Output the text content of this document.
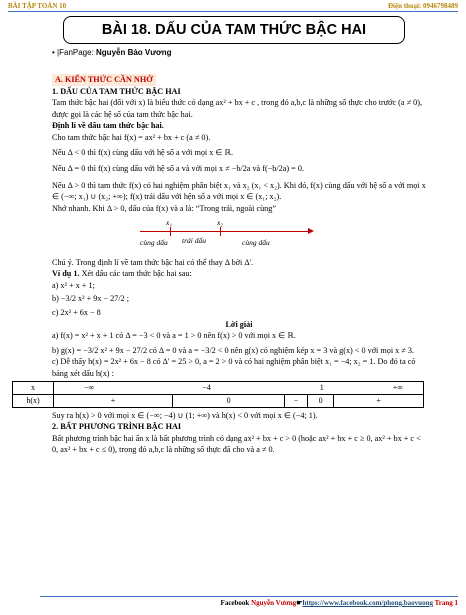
BÀI TẬP TOÁN 10	Điện thoại: 0946798489
BÀI 18. DẤU CỦA TAM THỨC BẬC HAI
• |FanPage: Nguyễn Bảo Vương

A. KIẾN THỨC CẦN NHỚ

1. DẤU CỦA TAM THỨC BẬC HAI

Tam thức bậc hai (đối với x) là biểu thức có dạng ax² + bx + c , trong đó a,b,c là những số thực cho trước (a ≠ 0), được gọi là các hệ số của tam thức bậc hai.

Định lí về dấu tam thức bậc hai.

Cho tam thức bậc hai f(x) = ax² + bx + c (a ≠ 0).

Nếu Δ < 0 thì f(x) cùng dấu với hệ số a với mọi x ∈ ℝ.

Nếu Δ = 0 thì f(x) cùng dấu với hệ số a và với mọi x ≠ −b/2a và f(−b/2a) = 0.

Nếu Δ > 0 thì tam thức f(x) có hai nghiệm phân biệt x₁ và x₂ (x₁ < x₂). Khi đó, f(x) cùng dấu với hệ số a với mọi x ∈ (−∞; x₁) ∪ (x₂; +∞); f(x) trái dấu với hện số a với mọi x ∈ (x₁; x₂).

Nhớ nhanh. Khi Δ > 0, dấu của f(x) và a là: “Trong trái, ngoài cùng”

x₁	x₂
cùng dấu trái dấu	cùng dấu

Chú ý. Trong định lí về tam thức bậc hai có thể thay Δ bởi Δ'.

Ví dụ 1. Xét dấu các tam thức bậc hai sau:

a) x² + x + 1;

b) −3/2 x² + 9x − 27/2 ;

c) 2x² + 6x − 8

Lời giải

a) f(x) = x² + x + 1 có Δ = −3 < 0 và a = 1 > 0 nên f(x) > 0 với mọi x ∈ ℝ.

b) g(x) = −3/2 x² + 9x − 27/2 có Δ = 0 và a = −3/2 < 0 nên g(x) có nghiệm kép x = 3 và g(x) < 0 với mọi x ≠ 3.

c) Dễ thấy h(x) = 2x² + 6x − 8 có Δ' = 25 > 0, a = 2 > 0 và có hai nghiệm phân biệt x₁ = −4; x₂ = 1. Do đó ta có bảng xét dấu h(x) :

x	−∞	−4		1		+∞
h(x)	+	0	−		0	+

Suy ra h(x) > 0 với mọi x ∈ (−∞; −4) ∪ (1; +∞) và h(x) < 0 với mọi x ∈ (−4; 1).

2. BẤT PHƯƠNG TRÌNH BẬC HAI

Bất phương trình bậc hai ẩn x là bất phương trình có dạng ax² + bx + c > 0 (hoặc ax² + bx + c ≥ 0, ax² + bx + c < 0, ax² + bx + c ≤ 0), trong đó a,b,c là những số thực đã cho và a ≠ 0.

Facebook Nguyễn Vương☛https://www.facebook.com/phong.baovuong Trang 1
